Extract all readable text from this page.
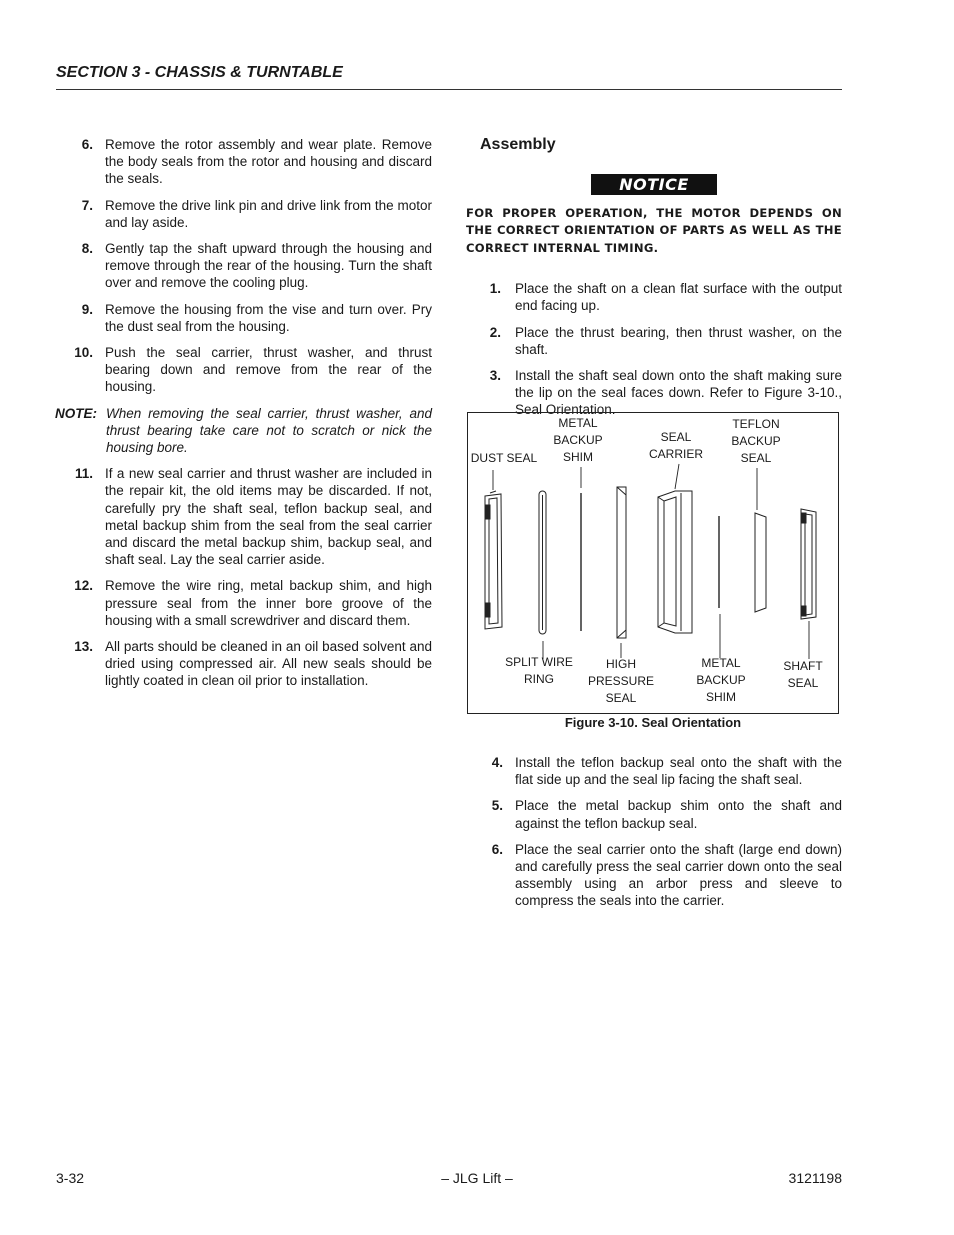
SECTION 3 - CHASSIS & TURNTABLE
6. Remove the rotor assembly and wear plate. Remove the body seals from the rotor and housing and discard the seals.
7. Remove the drive link pin and drive link from the motor and lay aside.
8. Gently tap the shaft upward through the housing and remove through the rear of the housing. Turn the shaft over and remove the cooling plug.
9. Remove the housing from the vise and turn over. Pry the dust seal from the housing.
10. Push the seal carrier, thrust washer, and thrust bearing down and remove from the rear of the housing.
NOTE: When removing the seal carrier, thrust washer, and thrust bearing take care not to scratch or nick the housing bore.
11. If a new seal carrier and thrust washer are included in the repair kit, the old items may be discarded. If not, carefully pry the shaft seal, teflon backup seal, and metal backup shim from the seal from the seal carrier and discard the metal backup shim, backup seal, and shaft seal. Lay the seal carrier aside.
12. Remove the wire ring, metal backup shim, and high pressure seal from the inner bore groove of the housing with a small screwdriver and discard them.
13. All parts should be cleaned in an oil based solvent and dried using compressed air. All new seals should be lightly coated in clean oil prior to installation.
Assembly
NOTICE
FOR PROPER OPERATION, THE MOTOR DEPENDS ON THE CORRECT ORIENTATION OF PARTS AS WELL AS THE CORRECT INTERNAL TIMING.
1. Place the shaft on a clean flat surface with the output end facing up.
2. Place the thrust bearing, then thrust washer, on the shaft.
3. Install the shaft seal down onto the shaft making sure the lip on the seal faces down. Refer to Figure 3-10., Seal Orientation.
DUST SEAL
METAL
BACKUP
SHIM
SEAL
CARRIER
TEFLON
BACKUP
SEAL
SPLIT WIRE
RING
HIGH
PRESSURE
SEAL
METAL
BACKUP
SHIM
SHAFT
SEAL
Figure 3-10. Seal Orientation
4. Install the teflon backup seal onto the shaft with the flat side up and the seal lip facing the shaft seal.
5. Place the metal backup shim onto the shaft and against the teflon backup seal.
6. Place the seal carrier onto the shaft (large end down) and carefully press the seal carrier down onto the seal assembly using an arbor press and sleeve to compress the seals into the carrier.
3-32	– JLG Lift –	3121198
